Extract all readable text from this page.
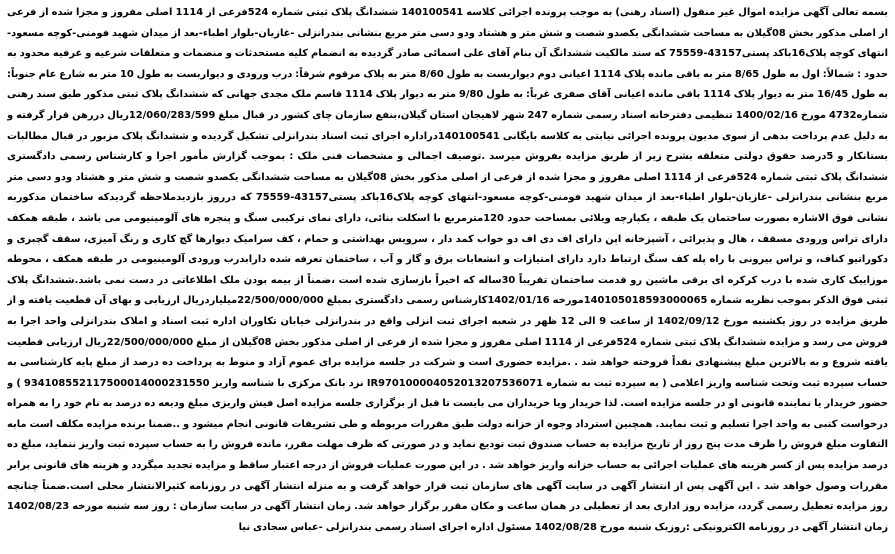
بسمه تعالی آگهی مزایده اموال غیر منقول (اسناد رهنی) به موجب پرونده اجرائی کلاسه 140100541 ششدانگ پلاک ثبتی شماره 524فرعی از 1114 اصلی مفروز و مجزا شده از فرعی از اصلی مذکور بخش 08گیلان به مساحت ششدانگی یکصدو شصت و شش متر و هشتاد ودو دسی متر مربع بنشانی بندرانزلی -غازیان-بلوار اطباء-بعد از میدان شهید فومنی-کوچه مسعود-انتهای کوچه پلاک16باکد پستی43157-75559 که سند مالکیت ششدانگ آن بنام آقای علی اسمائی صادر گردیده به انضمام کلیه مستحدثات و منضمات و متعلقات شرعیه و عرفیه محدود به حدود : شمالاً: اول به طول 8/65 متر به باقی مانده پلاک 1114 اعیانی دوم دیواربست به طول 8/60 متر به پلاک مرقوم شرقاً: درب ورودی و دیواربست به طول 10 متر به شارع عام جنوباً: به طول 16/45 متر به دیوار پلاک 1114 باقی مانده اعیانی آقای صفری غرباً: به طول 9/80 متر به دیوار پلاک 1114 قاسم ملک مجدی جهانی که ششدانگ پلاک ثبتی مذکور طبق سند رهنی شماره4732 مورخ 1400/02/16 تنظیمی دفترخانه اسناد رسمی شماره 247 شهر لاهیجان استان گیلان،بنفع سازمان چای کشور در قبال مبلغ 12/060/283/599ریال دررهن قرار گرفته و به دلیل عدم پرداخت بدهی از سوی مدیون پرونده اجرائی نیابتی به کلاسه بایگانی 140100541دراداره اجرای ثبت اسناد بندرانزلی تشکیل گردیده و ششدانگ پلاک مزبور در قبال مطالبات بستانکار و 5درصد حقوق دولتی متعلقه بشرح زیر از طریق مزایده بفروش میرسد .توصیف اجمالی و مشخصات فنی ملک : بموجب گزارش مأمور اجرا و کارشناس رسمی دادگستری ششدانگ پلاک ثبتی شماره 524فرعی از 1114 اصلی مفروز و مجزا شده از فرعی از اصلی مذکور بخش 08گیلان به مساحت ششدانگی یکصدو شصت و شش متر و هشتاد ودو دسی متر مربع بنشانی بندرانزلی -غازیان-بلوار اطباء-بعد از میدان شهید فومنی-کوچه مسعود-انتهای کوچه پلاک16باکد پستی43157-75559 که درروز بازدیدملاحظه گردیدکه ساختمان مذکوربه نشانی فوق الاشاره بصورت ساختمان یک طبقه ، یکپارچه ویلائی بمساحت حدود 120مترمربع با اسکلت بنائی، دارای نمای ترکیبی سنگ و پنجره های آلومینیومی می باشد ، طبقه همکف دارای تراس ورودی مسقف ، هال و پذیرائی ، آشپزخانه اپن دارای اف دی اف دو خواب کمد دار ، سرویس بهداشتی و حمام ، کف سرامیک دیوارها گچ کاری و رنگ آمیزی، سقف گچبری و دکوراتیو کناف، و تراس بیرونی با راه پله کف سنگ ارتباط دارد دارای امتیازات و انشعابات برق و گاز و آب ، ساختمان تعرفه شده دارابدرب ورودی آلومینیومی در طبقه همکف ، محوطه موزاییک کاری شده با درب کرکره ای برقی ماشین رو قدمت ساختمان تقریباً 30ساله که اخیراً بازسازی شده است ،ضمناً از بیمه بودن ملک اطلاعاتی در دست نمی باشد.ششدانگ پلاک ثبتی فوق الذکر بموجب نظریه شماره 140105018593000065مورخه 1402/01/16کارشناس رسمی دادگستری بمبلغ 22/500/000/000میلیاردریال ارزیابی و بهای آن قطعیت یافته و از طریق مزایده در روز یکشنبه مورخ 1402/09/12 از ساعت 9 الی 12 ظهر در شعبه اجرای ثبت انزلی واقع در بندرانزلی خیابان تکاوران اداره ثبت اسناد و املاک بندرانزلی واحد اجرا به فروش می رسد و مزایده ششدانگ پلاک ثبتی شماره 524فرعی از 1114 اصلی مفروز و مجزا شده از فرعی از اصلی مذکور بخش 08گیلان از مبلغ 22/500/000/000ریال ارزیابی قطعیت یافته شروع و به بالاترین مبلغ پیشنهادی نقداً فروخته خواهد شد . .مزایده حضوری است و شرکت در جلسه مزایده برای عموم آزاد و منوط به پرداخت ده درصد از مبلغ پایه کارشناسی به حساب سپرده ثبت وتحت شناسه واریز اعلامی ( به سپرده ثبت به شماره IR970100004052013207536071 نزد بانک مرکزی با شناسه واریز 934108552117500014000231550 ) و حضور خریدار یا نماینده قانونی او در جلسه مزایده است. لذا خریدار ویا خریداران می بایست تا قبل از برگزاری جلسه مزایده اصل فیش واریزی مبلغ ودیعه ده درصد به نام خود را به همراه درخواست کتبی به واحد اجرا تسلیم و ثبت نمایند. همچنین استرداد وجوه از خزانه دولت طبق مقررات مربوطه و طی تشریفات قانونی انجام میشود و ..ضمنا برنده مزایده مکلف است مابه التفاوت مبلغ فروش را ظرف مدت پنج روز از تاریخ مزایده به حساب صندوق ثبت تودیع نماید و در صورتی که ظرف مهلت مقرر، مانده فروش را به حساب سپرده ثبت واریز ننماید، مبلغ ده درصد مزایده پس از کسر هزینه های عملیات اجرائی به حساب خزانه واریز خواهد شد . در این صورت عملیات فروش از درجه اعتبار ساقط و مزایده تجدید میگردد و هزینه های قانونی برابر مقررات وصول خواهد شد . این آگهی پس از انتشار آگهی در سایت آگهی های سازمان ثبت قرار خواهد گرفت و به منزله انتشار آگهی در روزنامه کثیرالانتشار محلی است.ضمناً چنانچه روز مزایده تعطیل رسمی گردد، مزایده روز اداری بعد از تعطیلی در همان ساعت و مکان مقرر برگزار خواهد شد. زمان انتشار آگهی در سایت سازمان : روز سه شنبه مورخه 1402/08/23 زمان انتشار آگهی در روزنامه الکترونیکی :روزیک شنبه مورخ 1402/08/28 مسئول اداره اجرای اسناد رسمی بندرانزلی -عباس سجادی نیا
